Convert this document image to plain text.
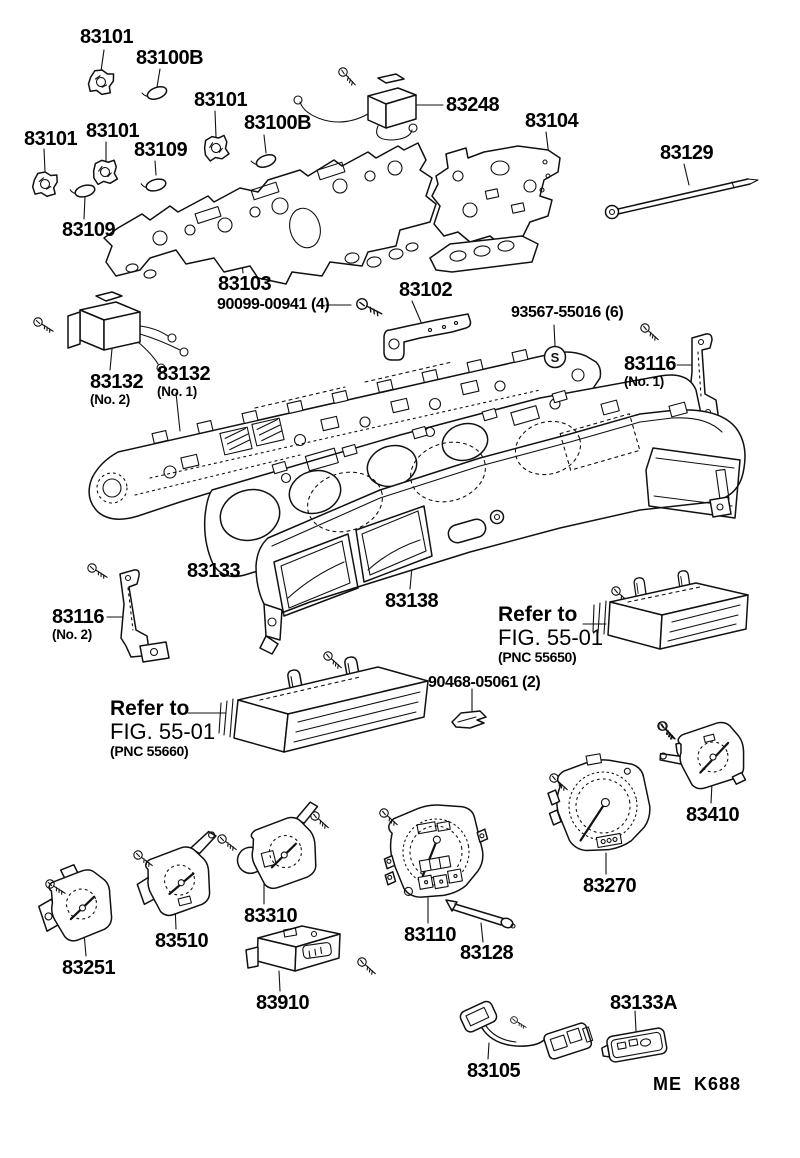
S
83101
83100B
83101
83100B
83101 83101
83109
83109
83248
83104
83129
83103
90099-00941 (4)
83102
93567-55016 (6)
83116
(No. 1)
83132
(No. 2)
83132
(No. 1)
83133
83138
83116
(No. 2)
90468-05061 (2)
83410
83270
83310
83510
83251
83110
83128
83910
83105
83133A
Refer to
FIG. 55-01
(PNC 55650)
Refer to
FIG. 55-01
(PNC 55660)
ME  K688
